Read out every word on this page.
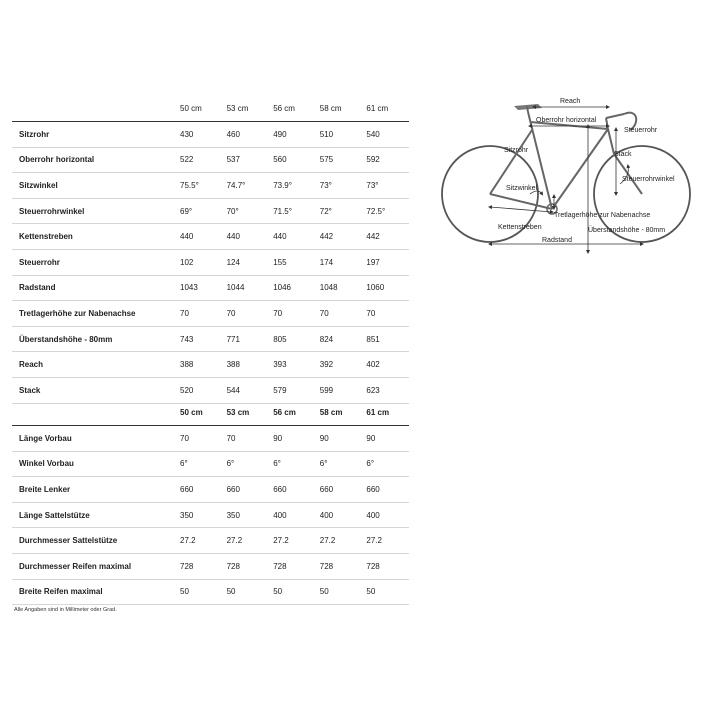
	50 cm	53 cm	56 cm	58 cm	61 cm
Sitzrohr	430	460	490	510	540
Oberrohr horizontal	522	537	560	575	592
Sitzwinkel	75.5°	74.7°	73.9°	73°	73°
Steuerrohrwinkel	69°	70°	71.5°	72°	72.5°
Kettenstreben	440	440	440	442	442
Steuerrohr	102	124	155	174	197
Radstand	1043	1044	1046	1048	1060
Tretlagerhöhe zur Nabenachse	70	70	70	70	70
Überstandshöhe - 80mm	743	771	805	824	851
Reach	388	388	393	392	402
Stack	520	544	579	599	623
	50 cm	53 cm	56 cm	58 cm	61 cm
Länge Vorbau	70	70	90	90	90
Winkel Vorbau	6°	6°	6°	6°	6°
Breite Lenker	660	660	660	660	660
Länge Sattelstütze	350	350	400	400	400
Durchmesser Sattelstütze	27.2	27.2	27.2	27.2	27.2
Durchmesser Reifen maximal	728	728	728	728	728
Breite Reifen maximal	50	50	50	50	50
Alle Angaben sind in Millimeter oder Grad.
Reach
Oberrohr horizontal
Steuerrohr
Sitzrohr
Stack
Steuerrohrwinkel
Sitzwinkel
Tretlagerhöhe zur Nabenachse
Kettenstreben	Überstandshöhe - 80mm
Radstand
